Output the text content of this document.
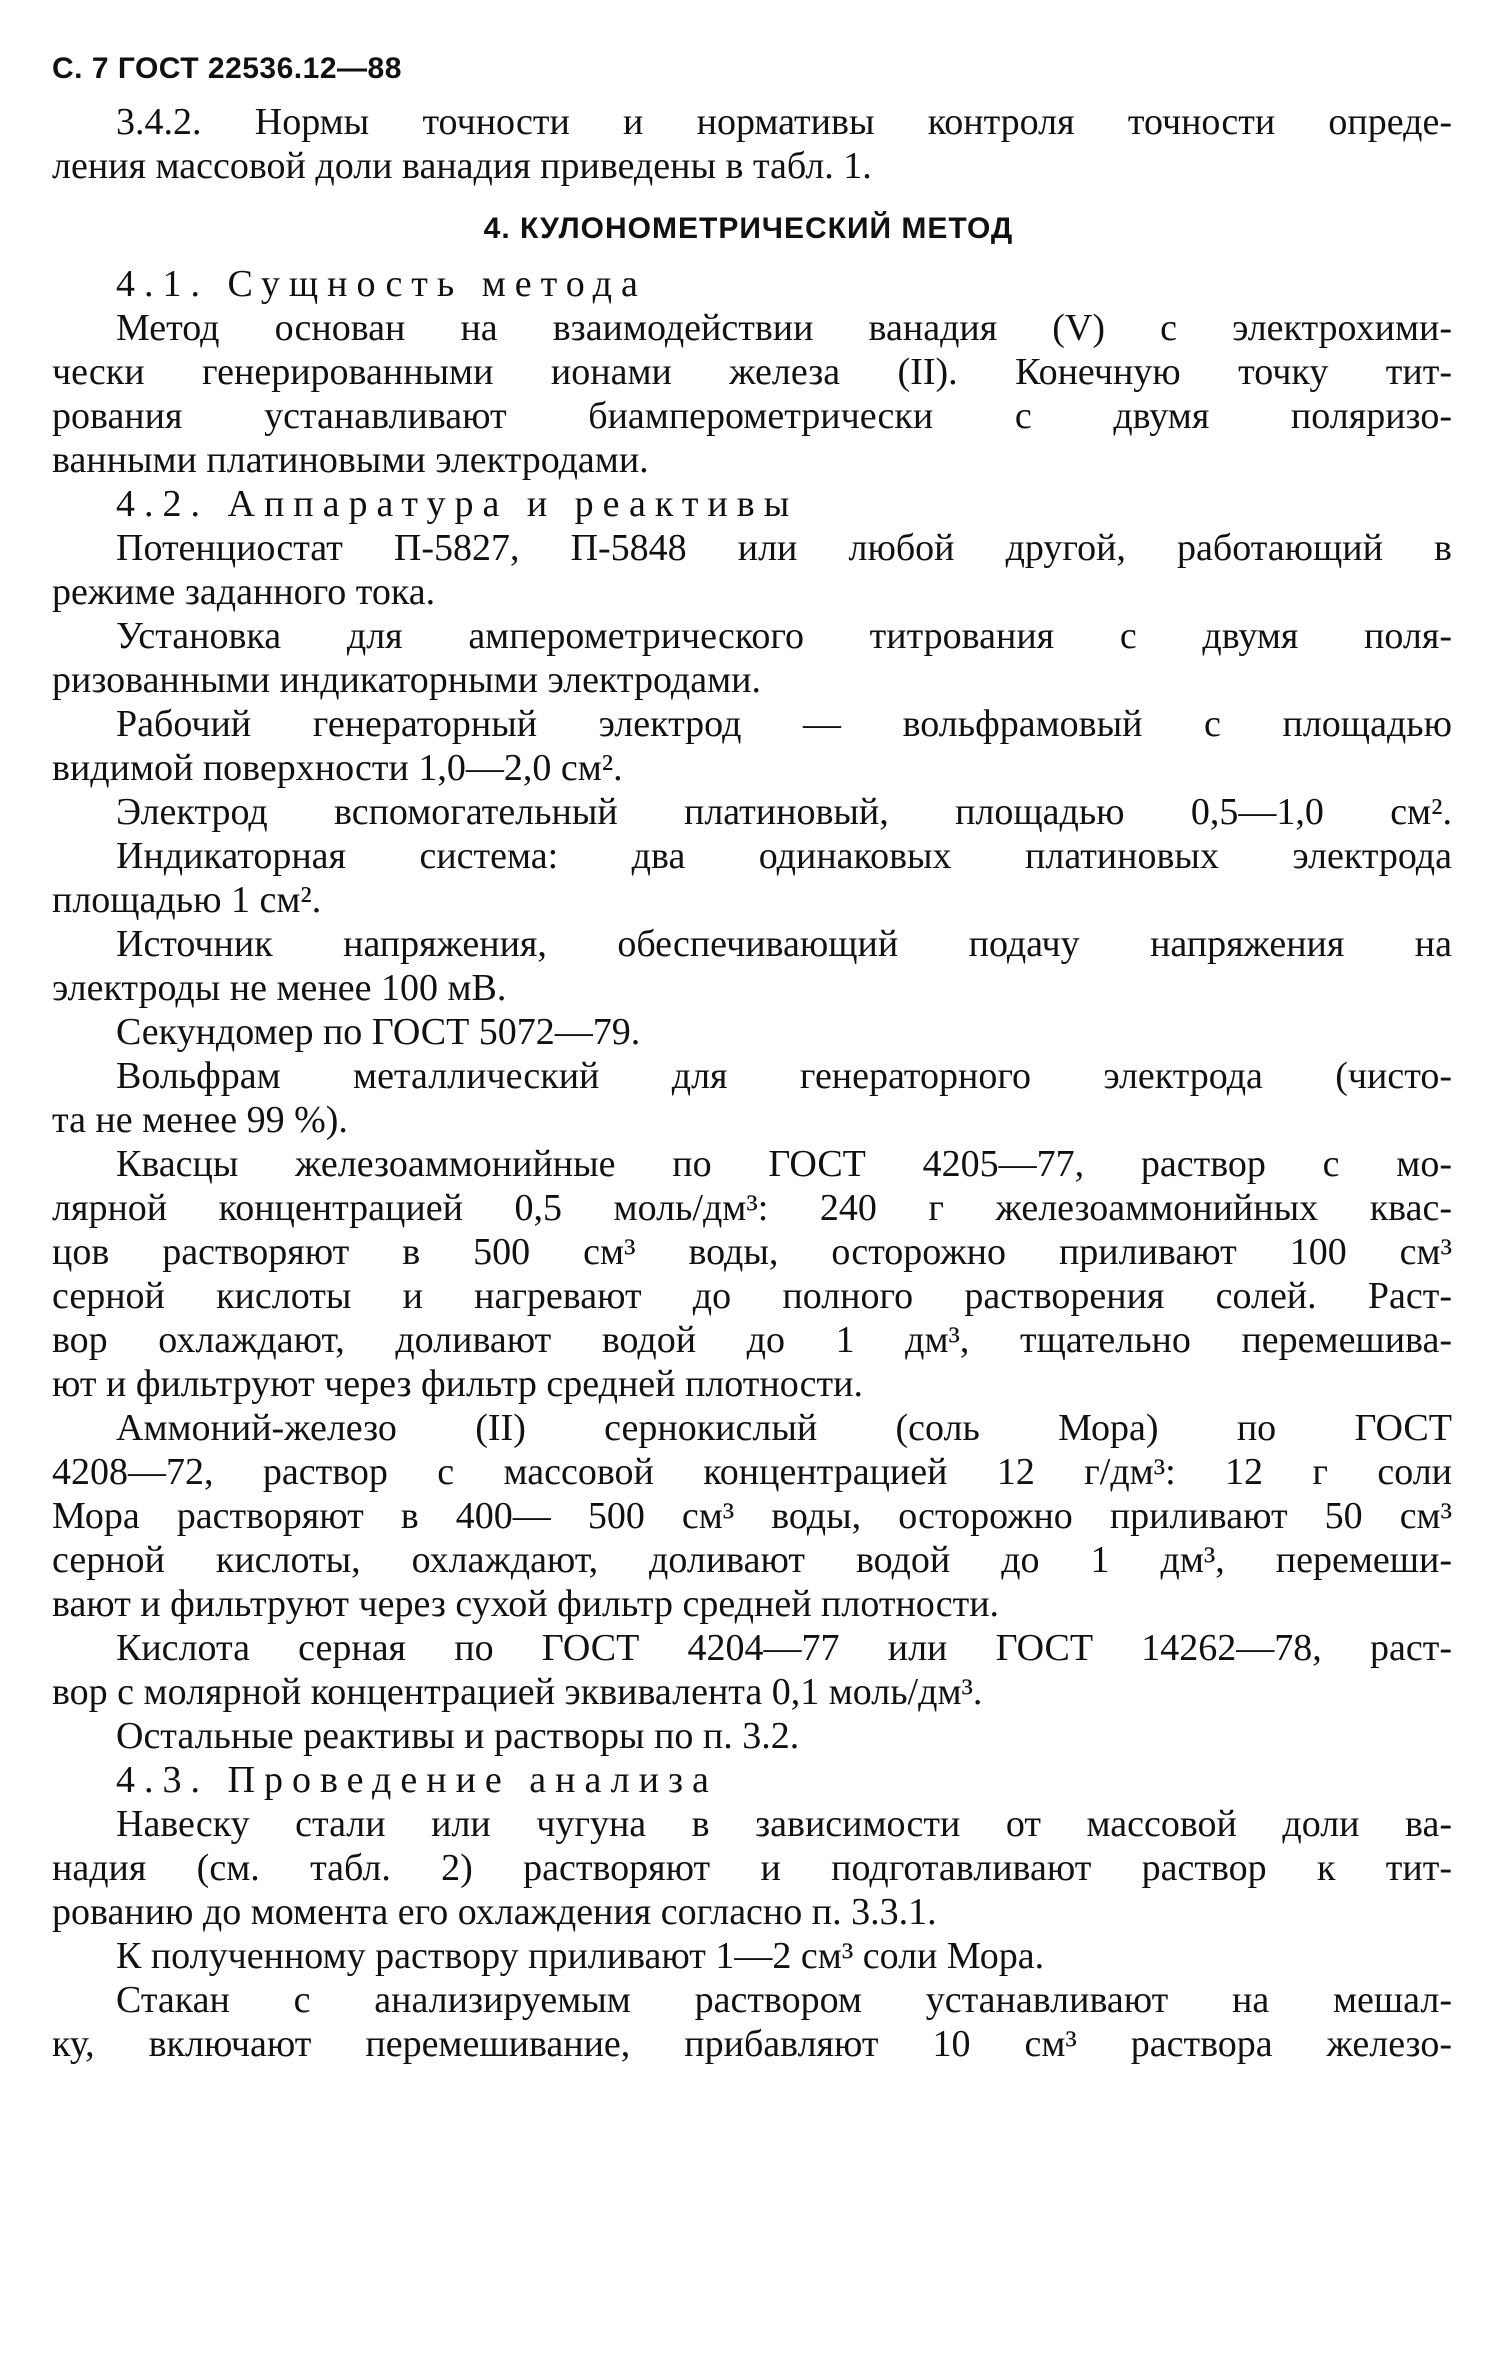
С. 7 ГОСТ 22536.12—88
3.4.2. Нормы точности и нормативы контроля точности опреде-
ления массовой доли ванадия приведены в табл. 1.
4. КУЛОНОМЕТРИЧЕСКИЙ МЕТОД
4.1. Сущность метода
Метод основан на взаимодействии ванадия (V) с электрохими-
чески генерированными ионами железа (II). Конечную точку тит-
рования устанавливают биамперометрически с двумя поляризо-
ванными платиновыми электродами.
4.2. Аппаратура и реактивы
Потенциостат П-5827, П-5848 или любой другой, работающий в
режиме заданного тока.
Установка для амперометрического титрования с двумя поля-
ризованными индикаторными электродами.
Рабочий генераторный электрод — вольфрамовый с площадью
видимой поверхности 1,0—2,0 см².
Электрод вспомогательный платиновый, площадью 0,5—1,0 см².
Индикаторная система: два одинаковых платиновых электрода
площадью 1 см².
Источник напряжения, обеспечивающий подачу напряжения на
электроды не менее 100 мВ.
Секундомер по ГОСТ 5072—79.
Вольфрам металлический для генераторного электрода (чисто-
та не менее 99 %).
Квасцы железоаммонийные по ГОСТ 4205—77, раствор с мо-
лярной концентрацией 0,5 моль/дм³: 240 г железоаммонийных квас-
цов растворяют в 500 см³ воды, осторожно приливают 100 см³
серной кислоты и нагревают до полного растворения солей. Раст-
вор охлаждают, доливают водой до 1 дм³, тщательно перемешива-
ют и фильтруют через фильтр средней плотности.
Аммоний-железо (II) сернокислый (соль Мора) по ГОСТ
4208—72, раствор с массовой концентрацией 12 г/дм³: 12 г соли
Мора растворяют в 400— 500 см³ воды, осторожно приливают 50 см³
серной кислоты, охлаждают, доливают водой до 1 дм³, перемеши-
вают и фильтруют через сухой фильтр средней плотности.
Кислота серная по ГОСТ 4204—77 или ГОСТ 14262—78, раст-
вор с молярной концентрацией эквивалента 0,1 моль/дм³.
Остальные реактивы и растворы по п. 3.2.
4.3. Проведение анализа
Навеску стали или чугуна в зависимости от массовой доли ва-
надия (см. табл. 2) растворяют и подготавливают раствор к тит-
рованию до момента его охлаждения согласно п. 3.3.1.
К полученному раствору приливают 1—2 см³ соли Мора.
Стакан с анализируемым раствором устанавливают на мешал-
ку, включают перемешивание, прибавляют 10 см³ раствора железо-
